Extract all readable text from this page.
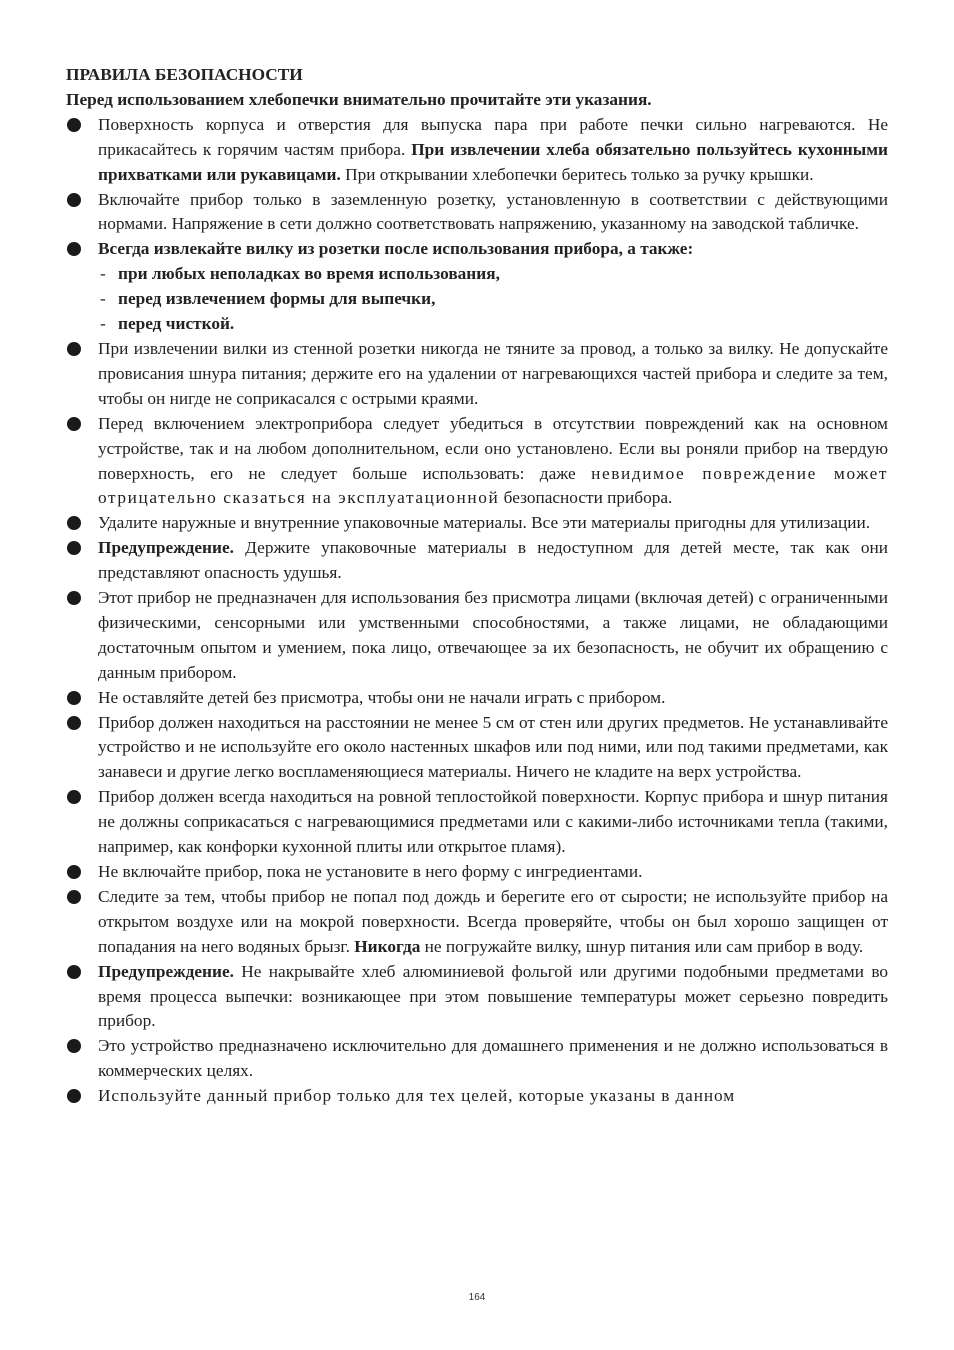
ПРАВИЛА БЕЗОПАСНОСТИ

Перед использованием хлебопечки внимательно прочитайте эти указания.

Поверхность корпуса и отверстия для выпуска пара при работе печки сильно нагреваются. Не прикасайтесь к горячим частям прибора. При извлечении хлеба обязательно пользуйтесь кухонными прихватками или рукавицами. При открывании хлебопечки беритесь только за ручку крышки.
Включайте прибор только в заземленную розетку, установленную в соответствии с действующими нормами. Напряжение в сети должно соответствовать напряжению, указанному на заводской табличке.
Всегда извлекайте вилку из розетки после использования прибора, а также:
- при любых неполадках во время использования,
- перед извлечением формы для выпечки,
- перед чисткой.
При извлечении вилки из стенной розетки никогда не тяните за провод, а только за вилку. Не допускайте провисания шнура питания; держите его на удалении от нагревающихся частей прибора и следите за тем, чтобы он нигде не соприкасался с острыми краями.
Перед включением электроприбора следует убедиться в отсутствии повреждений как на основном устройстве, так и на любом дополнительном, если оно установлено. Если вы роняли прибор на твердую поверхность, его не следует больше использовать: даже невидимое повреждение может отрицательно сказаться на эксплуатационной безопасности прибора.
Удалите наружные и внутренние упаковочные материалы. Все эти материалы пригодны для утилизации.
Предупреждение. Держите упаковочные материалы в недоступном для детей месте, так как они представляют опасность удушья.
Этот прибор не предназначен для использования без присмотра лицами (включая детей) с ограниченными физическими, сенсорными или умственными способностями, а также лицами, не обладающими достаточным опытом и умением, пока лицо, отвечающее за их безопасность, не обучит их обращению с данным прибором.
Не оставляйте детей без присмотра, чтобы они не начали играть с прибором.
Прибор должен находиться на расстоянии не менее 5 см от стен или других предметов. Не устанавливайте устройство и не используйте его около настенных шкафов или под ними, или под такими предметами, как занавеси и другие легко воспламеняющиеся материалы. Ничего не кладите на верх устройства.
Прибор должен всегда находиться на ровной теплостойкой поверхности. Корпус прибора и шнур питания не должны соприкасаться с нагревающимися предметами или с какими-либо источниками тепла (такими, например, как конфорки кухонной плиты или открытое пламя).
Не включайте прибор, пока не установите в него форму с ингредиентами.
Следите за тем, чтобы прибор не попал под дождь и берегите его от сырости; не используйте прибор на открытом воздухе или на мокрой поверхности. Всегда проверяйте, чтобы он был хорошо защищен от попадания на него водяных брызг. Никогда не погружайте вилку, шнур питания или сам прибор в воду.
Предупреждение. Не накрывайте хлеб алюминиевой фольгой или другими подобными предметами во время процесса выпечки: возникающее при этом повышение температуры может серьезно повредить прибор.
Это устройство предназначено исключительно для домашнего применения и не должно использоваться в коммерческих целях.
Используйте данный прибор только для тех целей, которые указаны в данном
164
